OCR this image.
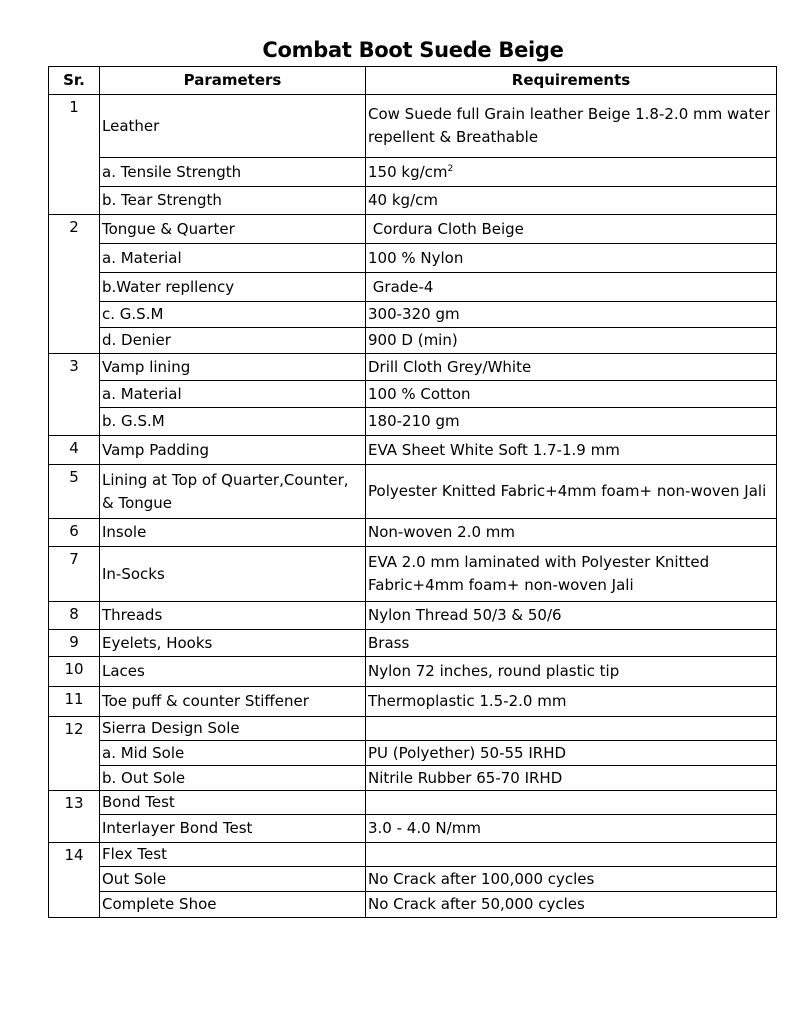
Combat Boot Suede Beige
Sr.	Parameters	Requirements

1	Leather	Cow Suede full Grain leather Beige 1.8-2.0 mm water repellent & Breathable
	a. Tensile Strength	150 $kg/cm^2$
	b. Tear Strength	40 kg/cm

2	Tongue & Quarter	Cordura Cloth Beige
	a. Material	100 % Nylon
	b.Water repllency	Grade-4
	c. G.S.M	300-320 gm
	d. Denier	900 D (min)

3	Vamp lining	Drill Cloth Grey/White
	a. Material	100 % Cotton
	b. G.S.M	180-210 gm

4	Vamp Padding	EVA Sheet White Soft 1.7-1.9 mm

5	Lining at Top of Quarter,Counter, & Tongue	Polyester Knitted Fabric+4mm foam+ non-woven Jali

6	Insole	Non-woven 2.0 mm

7	In-Socks	EVA 2.0 mm laminated with Polyester Knitted Fabric+4mm foam+ non-woven Jali

8	Threads	Nylon Thread 50/3 & 50/6

9	Eyelets, Hooks	Brass

10	Laces	Nylon 72 inches, round plastic tip

11	Toe puff & counter Stiffener	Thermoplastic 1.5-2.0 mm

12	Sierra Design Sole	
	a. Mid Sole	PU (Polyether) 50-55 IRHD
	b. Out Sole	Nitrile Rubber 65-70 IRHD

13	Bond Test	
	Interlayer Bond Test	3.0 - 4.0 N/mm

14	Flex Test	
	Out Sole	No Crack after 100,000 cycles
	Complete Shoe	No Crack after 50,000 cycles
